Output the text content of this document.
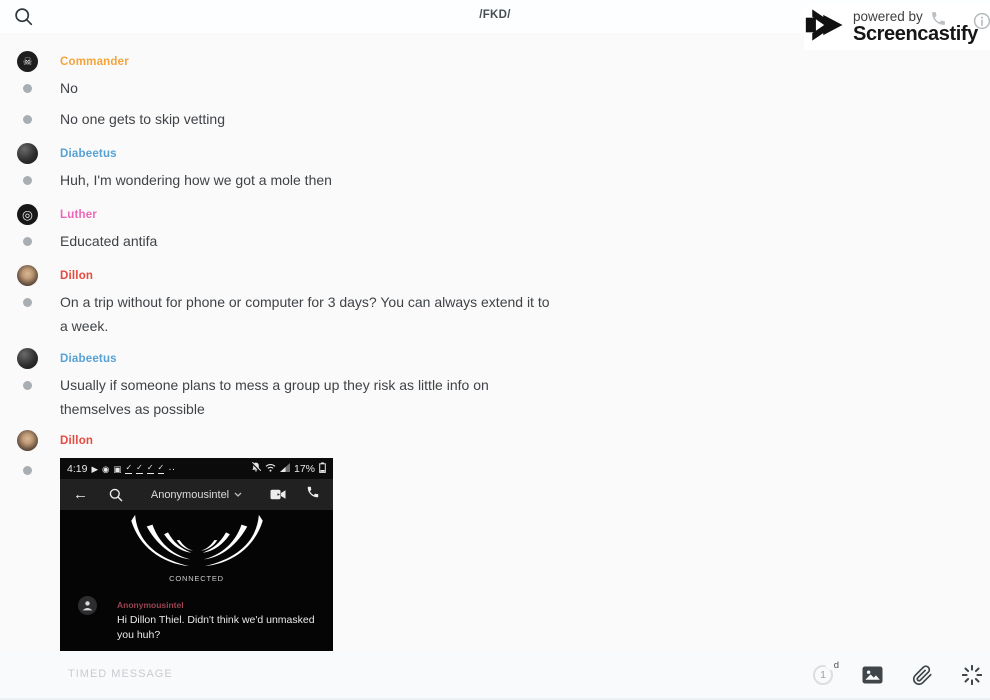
/FKD/	powered by
Screencastify
☠	Commander

No

No one gets to skip vetting

Diabeetus

Huh, I'm wondering how we got a mole then

◎	Luther

Educated antifa

Dillon

On a trip without for phone or computer for 3 days? You can always extend it to a week.

Diabeetus

Usually if someone plans to mess a group up they risk as little info on themselves as possible

Dillon
4:19 ▶ ◉ ▣ ✓ ✓ ✓ ✓ ··	17%
←	Anonymousintel
CONNECTED
Anonymousintel

Hi Dillon Thiel. Didn't think we'd unmasked you huh?

TIMED MESSAGE	1
d
